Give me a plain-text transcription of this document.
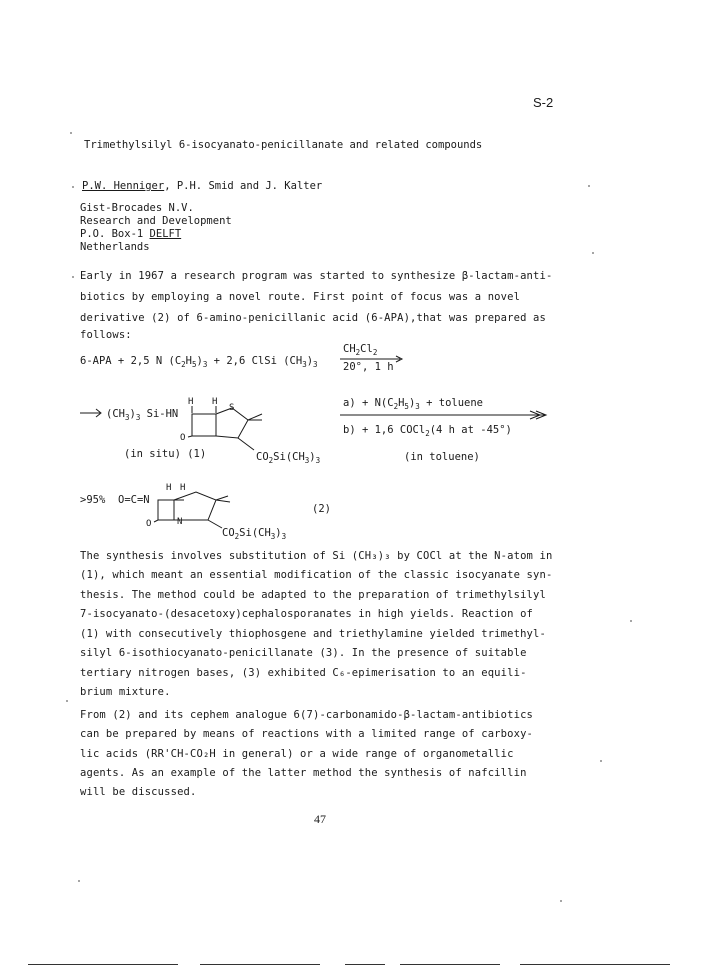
S-2
Trimethylsilyl 6-isocyanato-penicillanate and related compounds
P.W. Henniger, P.H. Smid and J. Kalter
Gist-Brocades N.V.
Research and Development
P.O. Box-1 DELFT
Netherlands
Early in 1967 a research program was started to synthesize β-lactam-anti-
biotics by employing a novel route. First point of focus was a novel
derivative (2) of 6-amino-penicillanic acid (6-APA),that was prepared as
follows:
6-APA + 2,5 N $(C_2H_5)_3 + 2,6$ ClSi $(CH_3)_3$
$CH_2Cl_2$
20°, 1 h
$(CH_3)_3$ Si-HN
H H
S
O
$CO_2Si(CH_3)_3$
(in situ) (1)
$a) + N(C_2H_5)_3$ + toluene
b) + 1,6 COCl$_2$(4 h at -45°)
(in toluene)
>95% O=C=N
H H
N
O
$CO_2Si(CH_3)_3$
(2)
The synthesis involves substitution of Si (CH₃)₃ by COCl at the N-atom in
(1), which meant an essential modification of the classic isocyanate syn-
thesis. The method could be adapted to the preparation of trimethylsilyl
7-isocyanato-(desacetoxy)cephalosporanates in high yields. Reaction of
(1) with consecutively thiophosgene and triethylamine yielded trimethyl-
silyl 6-isothiocyanato-penicillanate (3). In the presence of suitable
tertiary nitrogen bases, (3) exhibited C₆-epimerisation to an equili-
brium mixture.
From (2) and its cephem analogue 6(7)-carbonamido-β-lactam-antibiotics
can be prepared by means of reactions with a limited range of carboxy-
lic acids (RR'CH-CO₂H in general) or a wide range of organometallic
agents. As an example of the latter method the synthesis of nafcillin
will be discussed.
47
